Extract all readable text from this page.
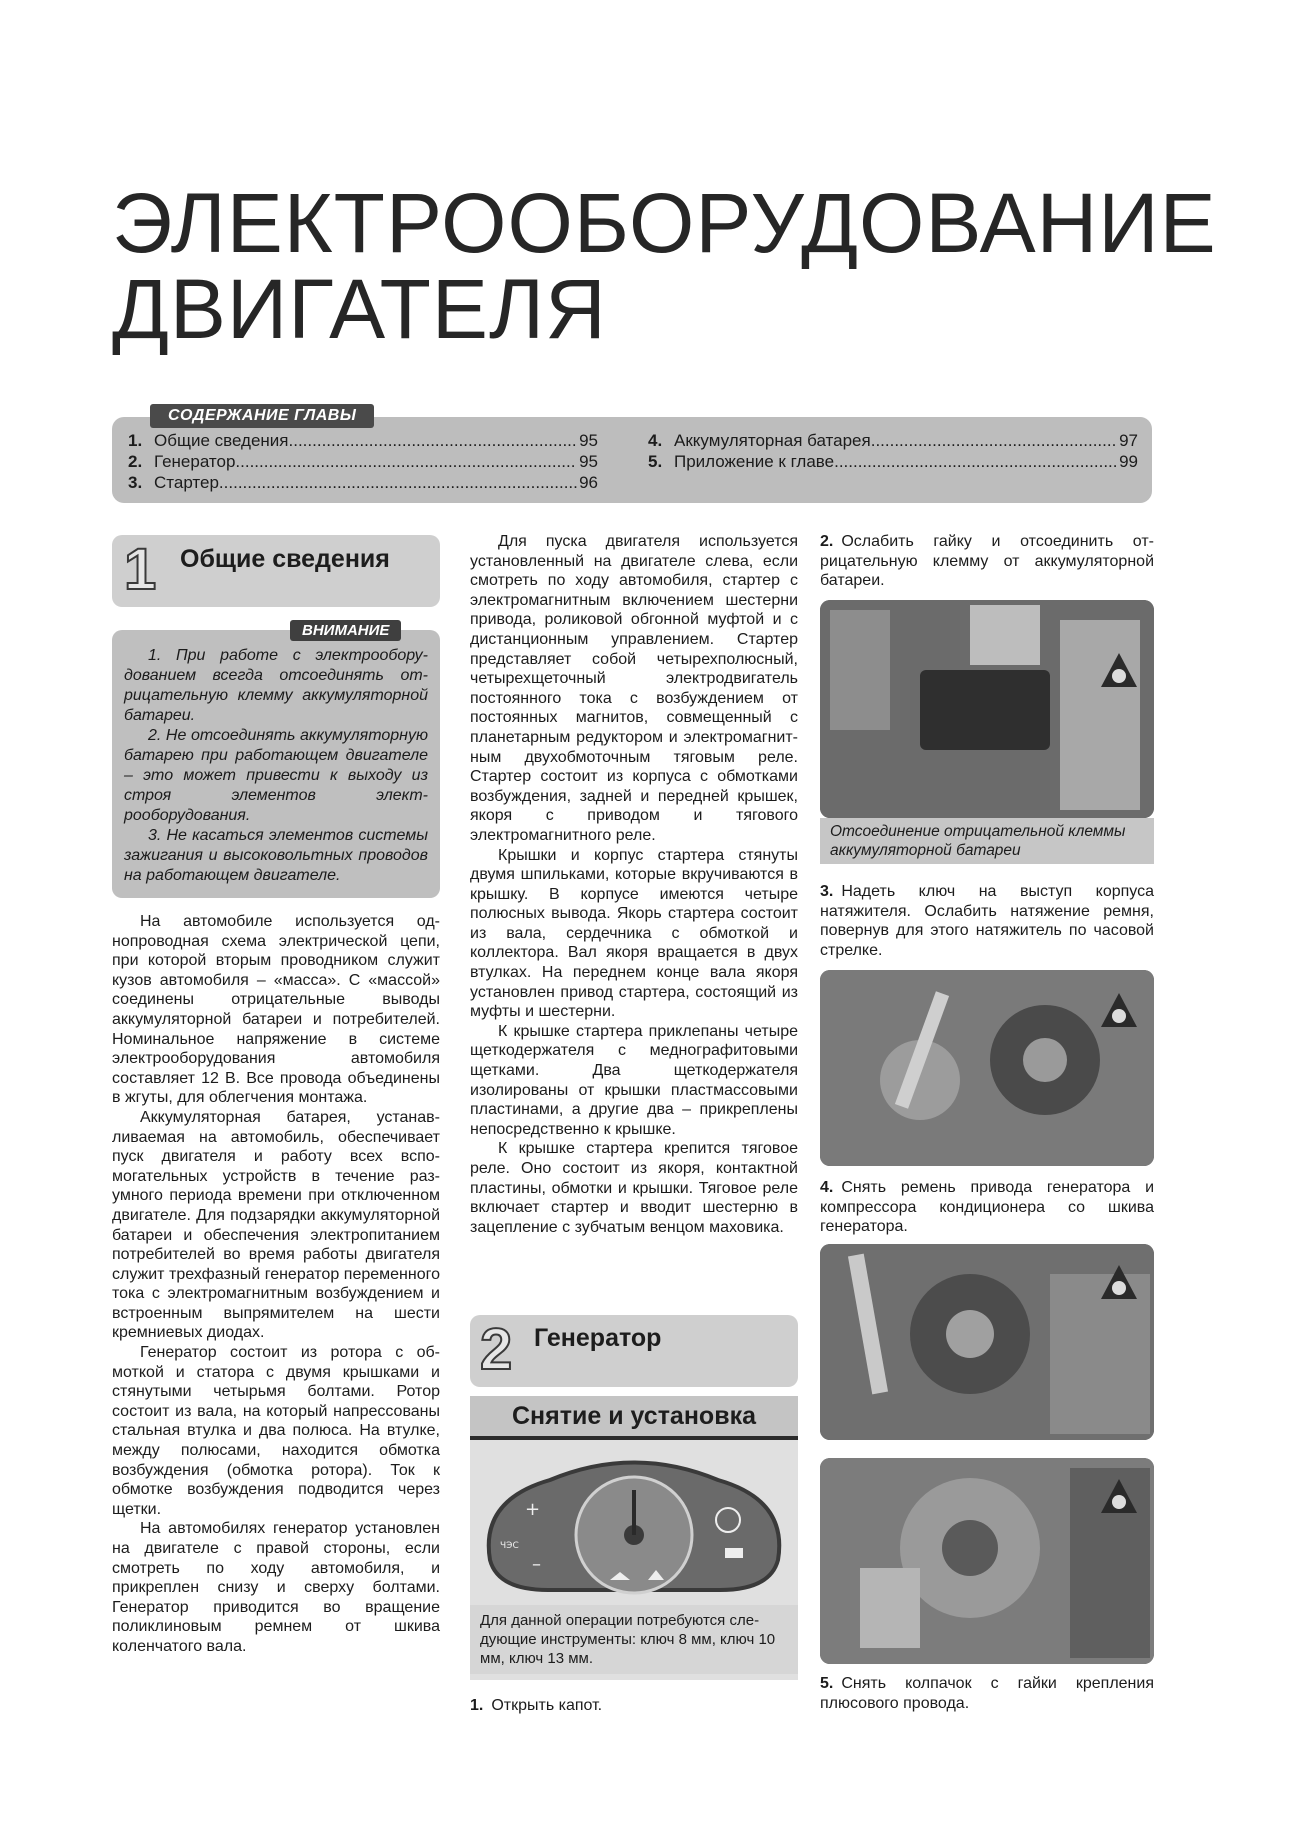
ЭЛЕКТРООБОРУДОВАНИЕ
ДВИГАТЕЛЯ
СОДЕРЖАНИЕ ГЛАВЫ
1. Общие сведения .....	95
2. Генератор .....	95
3. Стартер .....	96
4. Аккумуляторная батарея .....	97
5. Приложение к главе .....	99
1 Общие сведения
ВНИМАНИЕ

1. При работе с электрооборудованием всегда отсоединять отрицательную клемму аккумуляторной батареи.

2. Не отсоединять аккумуляторную батарею при работающем двигателе – это может привести к выходу из строя элементов электрооборудования.

3. Не касаться элементов системы зажигания и высоковольтных проводов на работающем двигателе.

На автомобиле используется однопроводная схема электрической цепи, при которой вторым проводником служит кузов автомобиля – «масса». С «массой» соединены отрицательные выводы аккумуляторной батареи и потребителей. Номинальное напряжение в системе электрооборудования автомобиля составляет 12 В. Все провода объединены в жгуты, для облегчения монтажа.

Аккумуляторная батарея, устанавливаемая на автомобиль, обеспечивает пуск двигателя и работу всех вспомогательных устройств в течение разумного периода времени при отключенном двигателе. Для подзарядки аккумуляторной батареи и обеспечения электропитанием потребителей во время работы двигателя служит трехфазный генератор переменного тока с электромагнитным возбуждением и встроенным выпрямителем на шести кремниевых диодах.

Генератор состоит из ротора с обмоткой и статора с двумя крышками и стянутыми четырьмя болтами. Ротор состоит из вала, на который напрессованы стальная втулка и два полюса. На втулке, между полюсами, находится обмотка возбуждения (обмотка ротора). Ток к обмотке возбуждения подводится через щетки.

На автомобилях генератор установлен на двигателе с правой стороны, если смотреть по ходу автомобиля, и прикреплен снизу и сверху болтами. Генератор приводится во вращение поликлиновым ремнем от шкива коленчатого вала.

Для пуска двигателя используется установленный на двигателе слева, если смотреть по ходу автомобиля, стартер с электромагнитным включением шестерни привода, роликовой обгонной муфтой и с дистанционным управлением. Стартер представляет собой четырехполюсный, четырехщеточный электродвигатель постоянного тока с возбуждением от постоянных магнитов, совмещенный с планетарным редуктором и электромагнитным двухобмоточным тяговым реле. Стартер состоит из корпуса с обмотками возбуждения, задней и передней крышек, якоря с приводом и тягового электромагнитного реле.

Крышки и корпус стартера стянуты двумя шпильками, которые вкручиваются в крышку. В корпусе имеются четыре полюсных вывода. Якорь стартера состоит из вала, сердечника с обмоткой и коллектора. Вал якоря вращается в двух втулках. На переднем конце вала якоря установлен привод стартера, состоящий из муфты и шестерни.

К крышке стартера приклепаны четыре щеткодержателя с меднографитовыми щетками. Два щеткодержателя изолированы от крышки пластмассовыми пластинами, а другие два – прикреплены непосредственно к крышке.

К крышке стартера крепится тяговое реле. Оно состоит из якоря, контактной пластины, обмотки и крышки. Тяговое реле включает стартер и вводит шестерню в зацепление с зубчатым венцом маховика.

2 Генератор
Снятие и установка
+
–
ЧЭС
Для данной операции потребуются следующие инструменты: ключ 8 мм, ключ 10 мм, ключ 13 мм.

1. Открыть капот.

2. Ослабить гайку и отсоединить отрицательную клемму от аккумуляторной батареи.

Отсоединение отрицательной клеммы аккумуляторной батареи

3. Надеть ключ на выступ корпуса натяжителя. Ослабить натяжение ремня, повернув для этого натяжитель по часовой стрелке.

4. Снять ремень привода генератора и компрессора кондиционера со шкива генератора.

5. Снять колпачок с гайки крепления плюсового провода.
